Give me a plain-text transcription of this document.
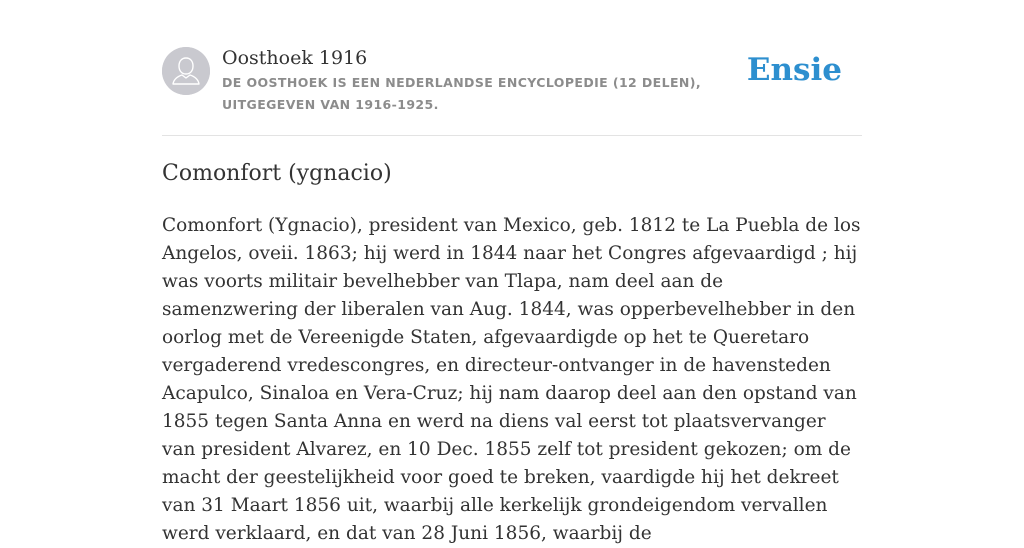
Oosthoek 1916
DE OOSTHOEK IS EEN NEDERLANDSE ENCYCLOPEDIE (12 DELEN), UITGEGEVEN VAN 1916-1925.
Ensie
Comonfort (ygnacio)

Comonfort (Ygnacio), president van Mexico, geb. 1812 te La Puebla de los Angelos, oveii. 1863; hij werd in 1844 naar het Congres afgevaardigd ; hij was voorts militair bevelhebber van Tlapa, nam deel aan de samenzwering der liberalen van Aug. 1844, was opperbevelhebber in den oorlog met de Vereenigde Staten, afgevaardigde op het te Queretaro vergaderend vredescongres, en directeur-ontvanger in de havensteden Acapulco, Sinaloa en Vera-Cruz; hij nam daarop deel aan den opstand van 1855 tegen Santa Anna en werd na diens val eerst tot plaatsvervanger van president Alvarez, en 10 Dec. 1855 zelf tot president gekozen; om de macht der geestelijkheid voor goed te breken, vaardigde hij het dekreet van 31 Maart 1856 uit, waarbij alle kerkelijk grondeigendom vervallen werd verklaard, en dat van 28 Juni 1856, waarbij de
